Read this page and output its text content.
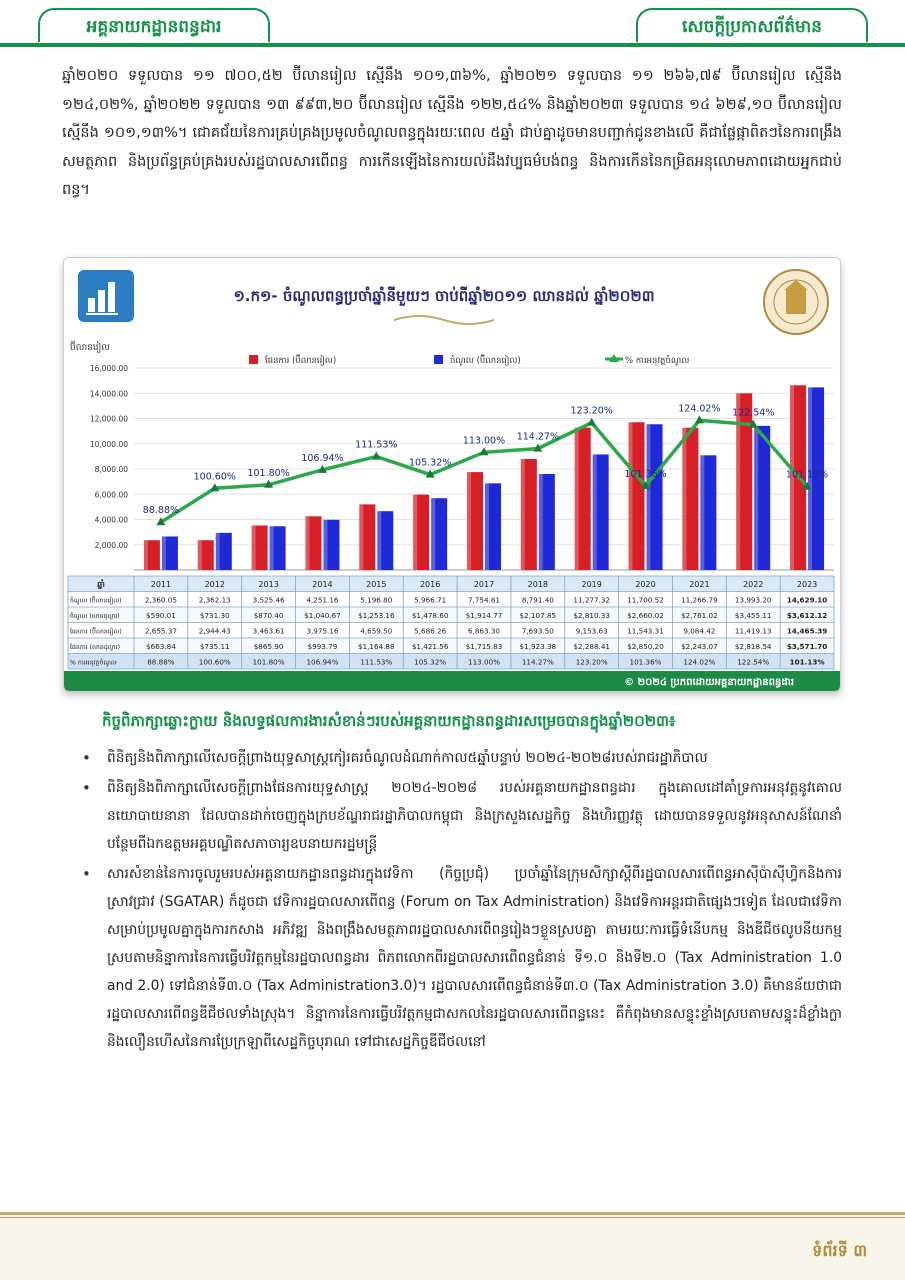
អគ្គនាយកដ្ឋានពន្ធដារ	សេចក្តីប្រកាសព័ត៌មាន
ឆ្នាំ២០២០ ទទួលបាន ១១ ៧០០,៥២ ប៊ីលានរៀល ស្មើនឹង ១០១,៣៦%, ឆ្នាំ២០២១ ទទួលបាន ១១ ២៦៦,៧៩ ប៊ីលានរៀល ស្មើនឹង ១២៤,០២%, ឆ្នាំ២០២២ ទទួលបាន ១៣ ៩៩៣,២០ ប៊ីលានរៀល ស្មើនឹង ១២២,៥៤% និងឆ្នាំ២០២៣ ទទួលបាន ១៤ ៦២៩,១០ ប៊ីលានរៀល ស្មើនឹង ១០១,១៣%។ ជោគជ័យនៃការគ្រប់គ្រងប្រមូលចំណូលពន្ធក្នុងរយៈពេល ៥ឆ្នាំ ជាប់គ្នាដូចមានបញ្ជាក់ជូនខាងលើ គឺជាផ្លែផ្កាពិតៗនៃការពង្រឹងសមត្ថភាព និងប្រព័ន្ធគ្រប់គ្រងរបស់រដ្ឋបាលសារពើពន្ធ ការកើនឡើងនៃការយល់ដឹងវប្បធម៌បង់ពន្ធ និងការកើននៃកម្រិតអនុលោមភាពដោយអ្នកជាប់ពន្ធ។
១.ក១- ចំណូលពន្ធប្រចាំឆ្នាំនីមួយៗ ចាប់ពីឆ្នាំ២០១១ ឈានដល់ ឆ្នាំ២០២៣
ប៊ីលានរៀល
ផែនការ (ប៊ីលានរៀល)	ចំណូល (ប៊ីលានរៀល)	% ការអនុវត្តចំណូល
2,000.00
4,000.00
6,000.00
8,000.00
10,000.00
12,000.00
14,000.00
16,000.00
88.88%
100.60% 101.80%
106.94%
111.53%
105.32%
113.00% 114.27%
123.20%
101.36%
124.02% 122.54%
101.13%
ឆ្នាំ	2011	2012	2013	2014	2015	2016	2017	2018	2019	2020	2021	2022	2023
ចំណូល (ប៊ីលានរៀល)	2,360.05	2,362.13	3,525.46	4,251.16	5,196.80	5,966.71	7,754.81	8,791.40	11,277.32 11,700.52 11,266.79 13,993.20 14,629.10
ចំណូល (លានដុល្លារ)	$590.01	$731.30	$870.40	$1,040.67 $1,253.16 $1,478.60 $1,914.77 $2,107.85 $2,810.33 $2,660.02 $2,761.02 $3,455.11 $3,612.12
ផែនការ (ប៊ីលានរៀល)	2,655.37	2,944.43	3,463.61	3,975.16	4,659.50	5,686.26	6,863.30	7,693.50	9,153.63	11,543.31	9,084.42	11,419.13 14,465.39
ផែនការ (លានដុល្លារ)	$663.84	$735.11	$865.90	$993.79	$1,164.88 $1,421.56 $1,715.83 $1,923.38 $2,288.41 $2,850.20 $2,243.07 $2,818.54 $3,571.70
% ការអនុវត្តចំណូល	88.88%	100.60%	101.80%	106.94%	111.53%	105.32%	113.00%	114.27%	123.20%	101.36%	124.02%	122.54%	101.13%
© ២០២៤ ប្រភពដោយអគ្គនាយកដ្ឋានពន្ធដារ
កិច្ចពិភាក្សាឆ្លោះក្លាយ និងលទ្ធផលការងារសំខាន់ៗរបស់អគ្គនាយកដ្ឋានពន្ធដារសម្រេចបានក្នុងឆ្នាំ២០២៣៖
• ពិនិត្យនិងពិភាក្សាលើសេចក្តីព្រាងយុទ្ធសាស្ត្រកៀរគរចំណូលដំណាក់កាល៥ឆ្នាំបន្ទាប់ ២០២៤-២០២៨របស់រាជរដ្ឋាភិបាល
• ពិនិត្យនិងពិភាក្សាលើសេចក្តីព្រាងផែនការយុទ្ធសាស្ត្រ ២០២៤-២០២៨ របស់អគ្គនាយកដ្ឋានពន្ធដារ ក្នុងគោលដៅគាំទ្រការអនុវត្តនូវគោលនយោបាយនានា ដែលបានដាក់ចេញក្នុងក្របខ័ណ្ឌរាជរដ្ឋាភិបាលកម្ពុជា និងក្រសួងសេដ្ឋកិច្ច និងហិរញ្ញវត្ថុ ដោយបានទទួលនូវអនុសាសន៍ណែនាំបន្ថែមពីឯកឧត្តមអគ្គបណ្ឌិតសភាចារ្យឧបនាយករដ្ឋមន្ត្រី
• សារសំខាន់នៃការចូលរួមរបស់អគ្គនាយកដ្ឋានពន្ធដារក្នុងវេទិកា (កិច្ចប្រជុំ) ប្រចាំឆ្នាំនៃក្រុមសិក្សាស្តីពីរដ្ឋបាលសារពើពន្ធអាស៊ីប៉ាស៊ីហ្វិកនិងការស្រាវជ្រាវ (SGATAR) ក៏ដូចជា វេទិការដ្ឋបាលសារពើពន្ធ (Forum on Tax Administration) និងវេទិកាអន្តរជាតិផ្សេងៗទៀត ដែលជាវេទិកាសម្រាប់ប្រមូលគ្នាក្នុងការកសាង អភិវឌ្ឍ និងពង្រឹងសមត្ថភាពរដ្ឋបាលសារពើពន្ធរៀងៗខ្លួនស្របគ្នា តាមរយៈការធ្វើទំនើបកម្ម និងឌីជីថលូបនីយកម្ម ស្របតាមនិន្នាការនៃការធ្វើបរិវត្តកម្មនៃរដ្ឋបាលពន្ធដារ ពិភពលោកពីរដ្ឋបាលសារពើពន្ធជំនាន់ ទី១.០ និងទី២.០ (Tax Administration 1.0 and 2.0) ទៅជំនាន់ទី៣.០ (Tax Administration3.0)។ រដ្ឋបាលសារពើពន្ធជំនាន់ទី៣.០ (Tax Administration 3.0) គឺមានន័យថាជារដ្ឋបាលសារពើពន្ធឌីជីថលទាំងស្រុង។ និន្នាការនៃការធ្វើបរិវត្តកម្មជាសកលនៃរដ្ឋបាលសារពើពន្ធនេះ គឺកំពុងមានសន្ទុះខ្លាំងស្របតាមសន្ទុះដ៏ខ្លាំងក្លានិងលឿនហើសនៃការប្រែក្រឡាពីសេដ្ឋកិច្ចបុរាណ ទៅជាសេដ្ឋកិច្ចឌីជីថលនៅ
ទំព័រទី ៣
